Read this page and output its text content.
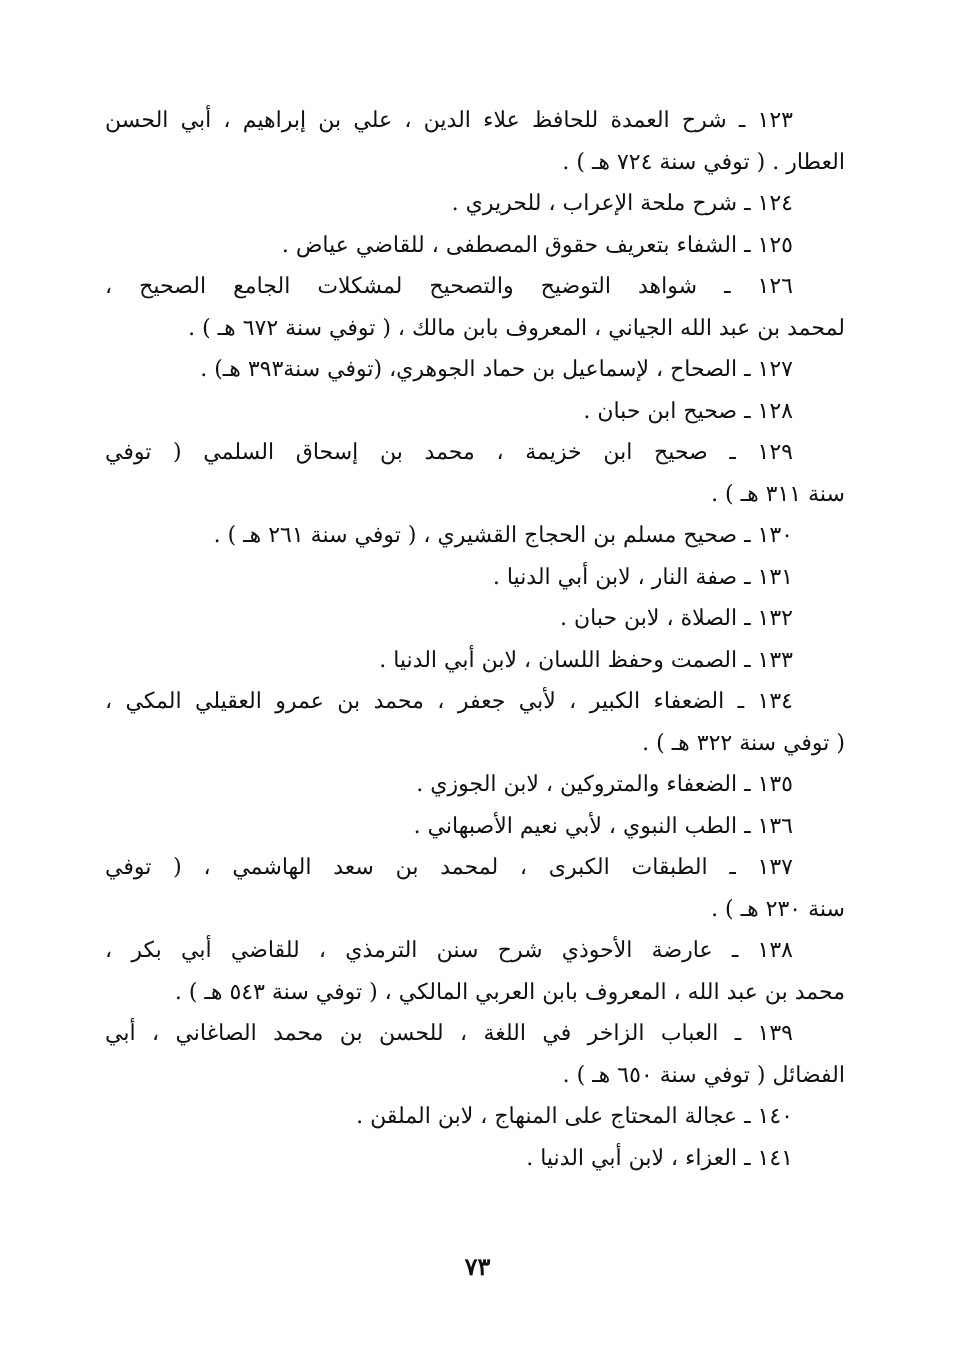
١٢٣ ـ شرح العمدة للحافظ علاء الدين ، علي بن إبراهيم ، أبي الحسن

العطار . ( توفي سنة ٧٢٤ هـ ) .

١٢٤ ـ شرح ملحة الإعراب ، للحريري .

١٢٥ ـ الشفاء بتعريف حقوق المصطفى ، للقاضي عياض .

١٢٦ ـ شواهد التوضيح والتصحيح لمشكلات الجامع الصحيح ،

لمحمد بن عبد الله الجياني ، المعروف بابن مالك ، ( توفي سنة ٦٧٢ هـ ) .

١٢٧ ـ الصحاح ، لإسماعيل بن حماد الجوهري، (توفي سنة٣٩٣ هـ) .

١٢٨ ـ صحيح ابن حبان .

١٢٩ ـ صحيح ابن خزيمة ، محمد بن إسحاق السلمي ( توفي

سنة ٣١١ هـ ) .

١٣٠ ـ صحيح مسلم بن الحجاج القشيري ، ( توفي سنة ٢٦١ هـ ) .

١٣١ ـ صفة النار ، لابن أبي الدنيا .

١٣٢ ـ الصلاة ، لابن حبان .

١٣٣ ـ الصمت وحفظ اللسان ، لابن أبي الدنيا .

١٣٤ ـ الضعفاء الكبير ، لأبي جعفر ، محمد بن عمرو العقيلي المكي ،

( توفي سنة ٣٢٢ هـ ) .

١٣٥ ـ الضعفاء والمتروكين ، لابن الجوزي .

١٣٦ ـ الطب النبوي ، لأبي نعيم الأصبهاني .

١٣٧ ـ الطبقات الكبرى ، لمحمد بن سعد الهاشمي ، ( توفي

سنة ٢٣٠ هـ ) .

١٣٨ ـ عارضة الأحوذي شرح سنن الترمذي ، للقاضي أبي بكر ،

محمد بن عبد الله ، المعروف بابن العربي المالكي ، ( توفي سنة ٥٤٣ هـ ) .

١٣٩ ـ العباب الزاخر في اللغة ، للحسن بن محمد الصاغاني ، أبي

الفضائل ( توفي سنة ٦٥٠ هـ ) .

١٤٠ ـ عجالة المحتاج على المنهاج ، لابن الملقن .

١٤١ ـ العزاء ، لابن أبي الدنيا .

٧٣
